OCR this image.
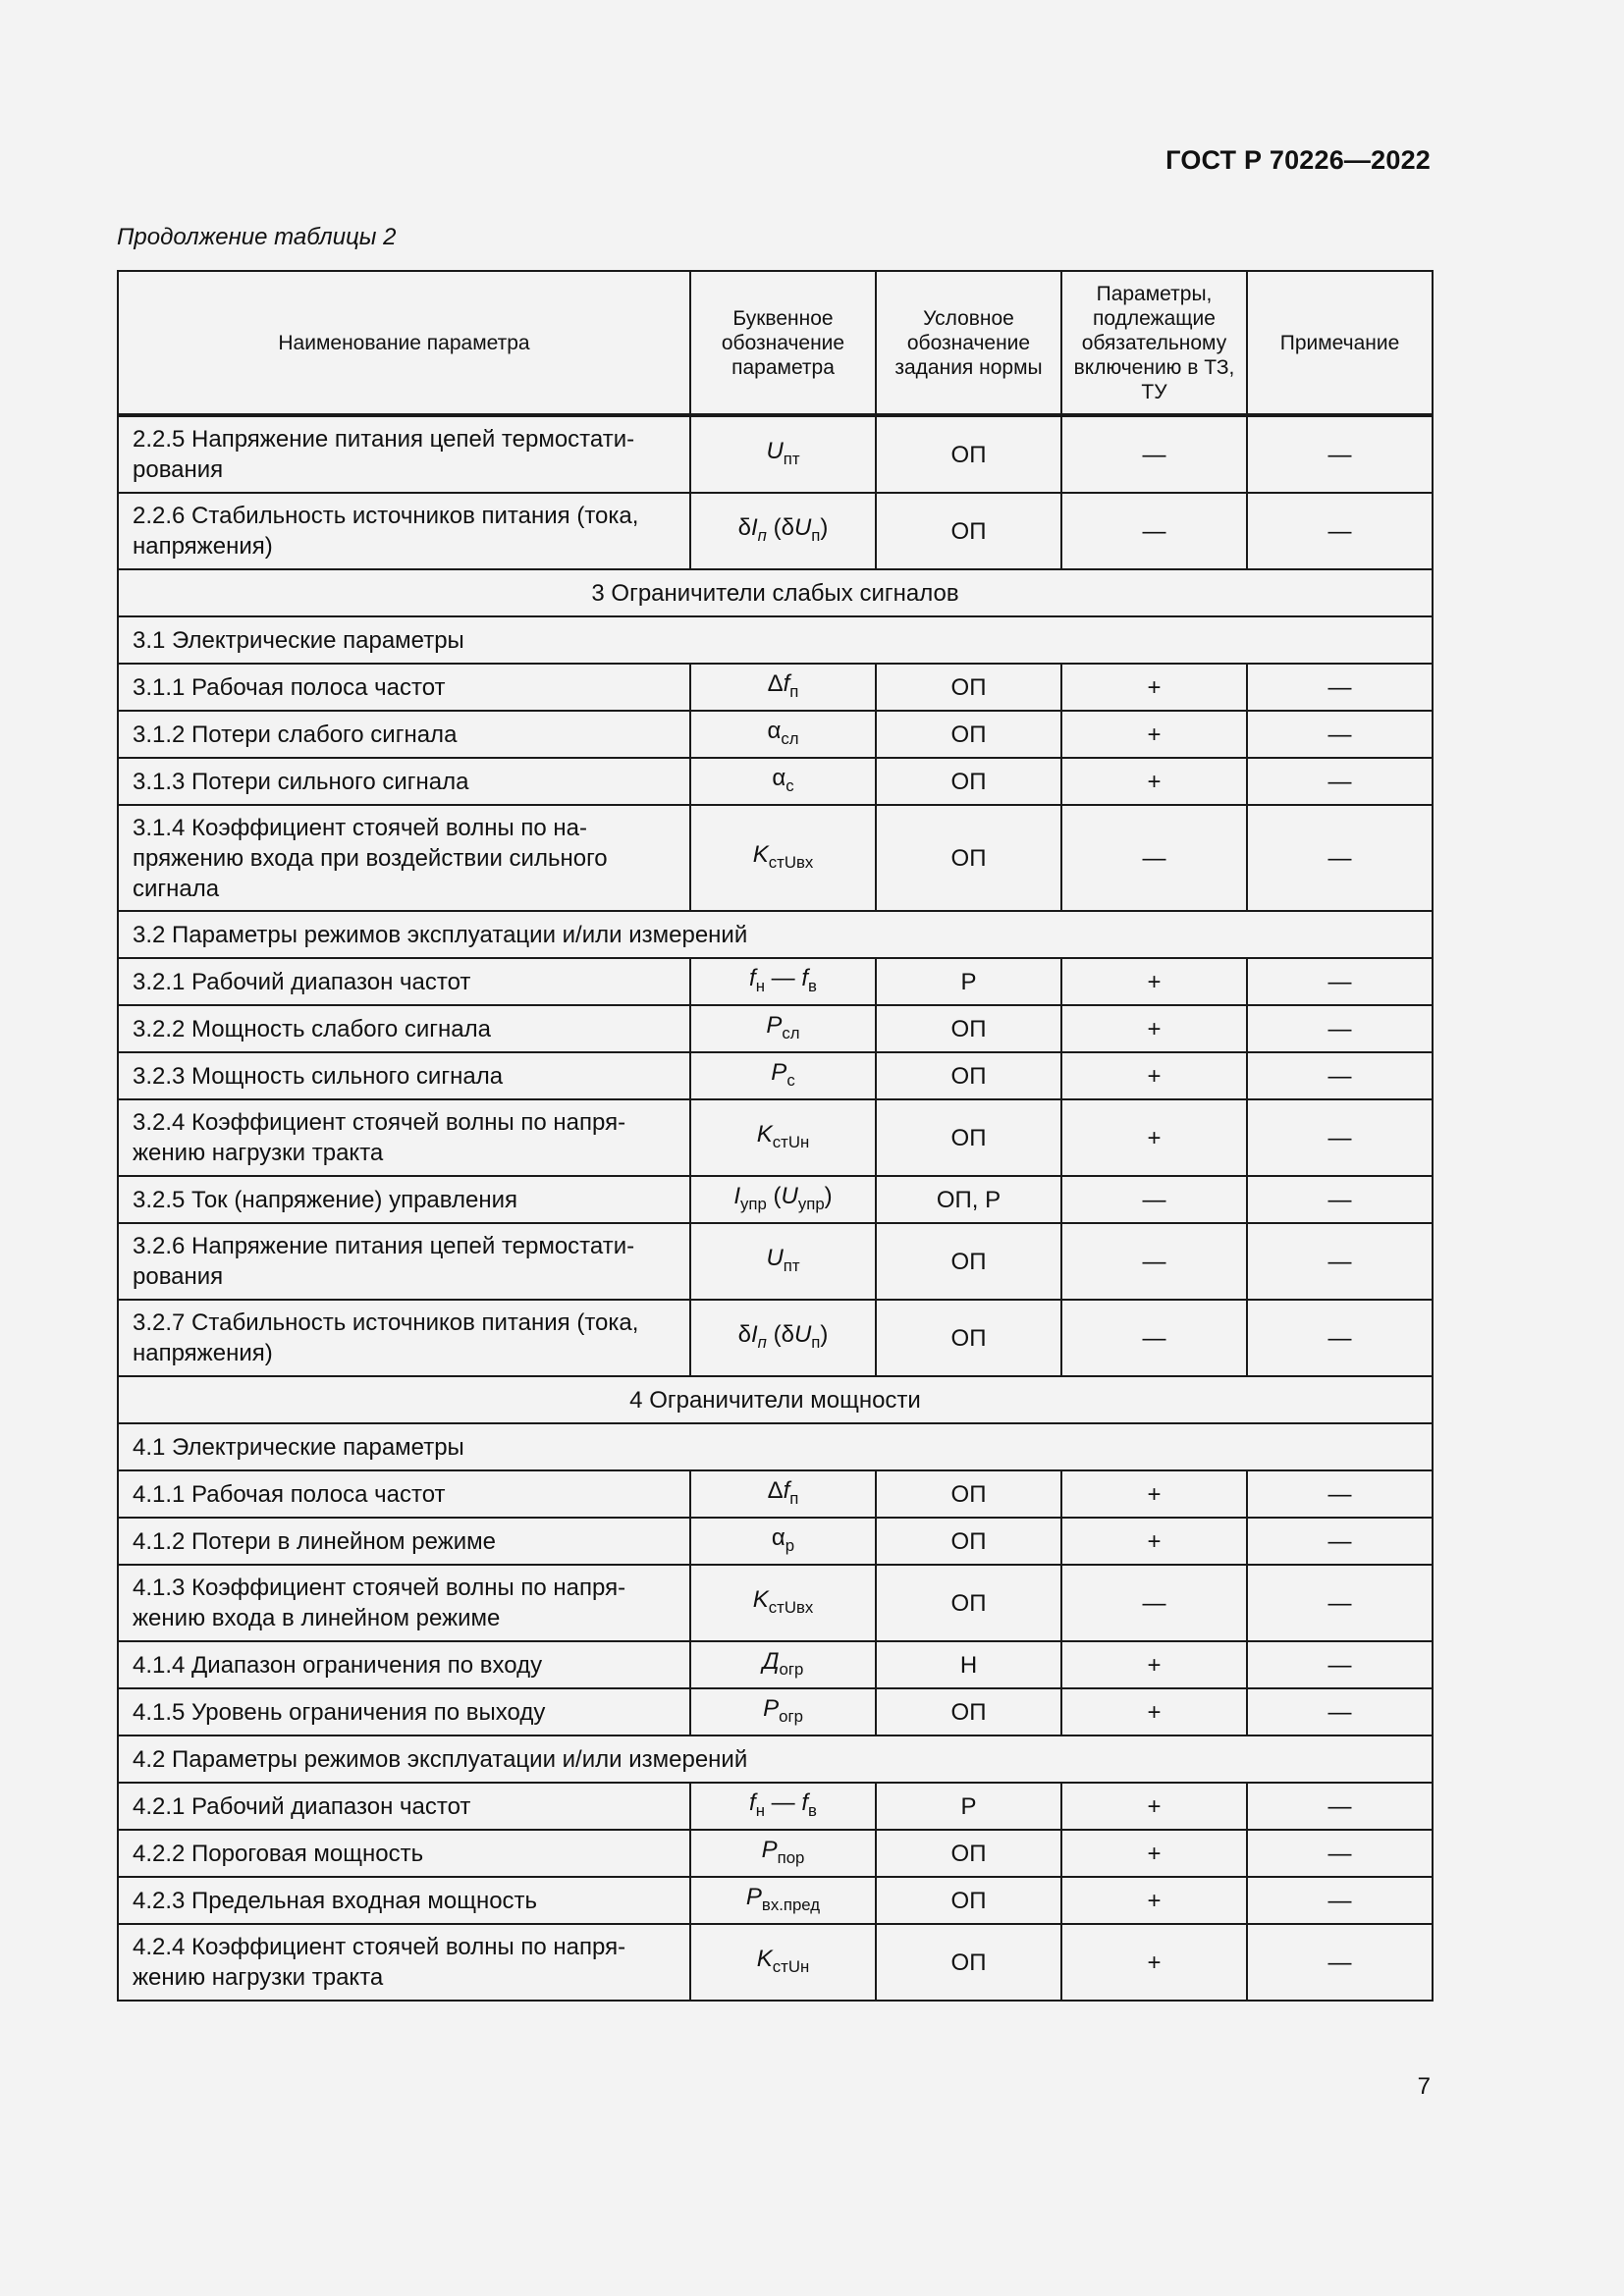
ГОСТ Р 70226—2022
Продолжение таблицы 2
Наименование параметра	Буквенное обозначение параметра	Условное обозначение задания нормы	Параметры, подлежащие обязательному включению в ТЗ, ТУ	Примечание
2.2.5 Напряжение питания цепей термостати-рования	$U_{пт}$	ОП	—	—
2.2.6 Стабильность источников питания (тока, напряжения)	$\delta I_п$ $(\delta U_п)$	ОП	—	—
3 Ограничители слабых сигналов				
3.1 Электрические параметры				
3.1.1 Рабочая полоса частот	$\Delta f_п$	ОП	+	—
3.1.2 Потери слабого сигнала	$\alpha_{сл}$	ОП	+	—
3.1.3 Потери сильного сигнала	$\alpha_с$	ОП	+	—
3.1.4 Коэффициент стоячей волны по на-пряжению входа при воздействии сильного сигнала	$K_{стUвх}$	ОП	—	—
3.2 Параметры режимов эксплуатации и/или измерений				
3.2.1 Рабочий диапазон частот	$f_н$ — $f_в$	Р	+	—
3.2.2 Мощность слабого сигнала	$P_{сл}$	ОП	+	—
3.2.3 Мощность сильного сигнала	$P_с$	ОП	+	—
3.2.4 Коэффициент стоячей волны по напря-жению нагрузки тракта	$K_{стUн}$	ОП	+	—
3.2.5 Ток (напряжение) управления	$I_{упр}$ $(U_{упр})$	ОП, Р	—	—
3.2.6 Напряжение питания цепей термостати-рования	$U_{пт}$	ОП	—	—
3.2.7 Стабильность источников питания (тока, напряжения)	$\delta I_п$ $(\delta U_п)$	ОП	—	—
4 Ограничители мощности				
4.1 Электрические параметры				
4.1.1 Рабочая полоса частот	$\Delta f_п$	ОП	+	—
4.1.2 Потери в линейном режиме	$\alpha_р$	ОП	+	—
4.1.3 Коэффициент стоячей волны по напря-жению входа в линейном режиме	$K_{стUвх}$	ОП	—	—
4.1.4 Диапазон ограничения по входу	$Д_{огр}$	Н	+	—
4.1.5 Уровень ограничения по выходу	$P_{огр}$	ОП	+	—
4.2 Параметры режимов эксплуатации и/или измерений				
4.2.1 Рабочий диапазон частот	$f_н$ — $f_в$	Р	+	—
4.2.2 Пороговая мощность	$P_{пор}$	ОП	+	—
4.2.3 Предельная входная мощность	$P_{вх.пред}$	ОП	+	—
4.2.4 Коэффициент стоячей волны по напря-жению нагрузки тракта	$K_{стUн}$	ОП	+	—
7
